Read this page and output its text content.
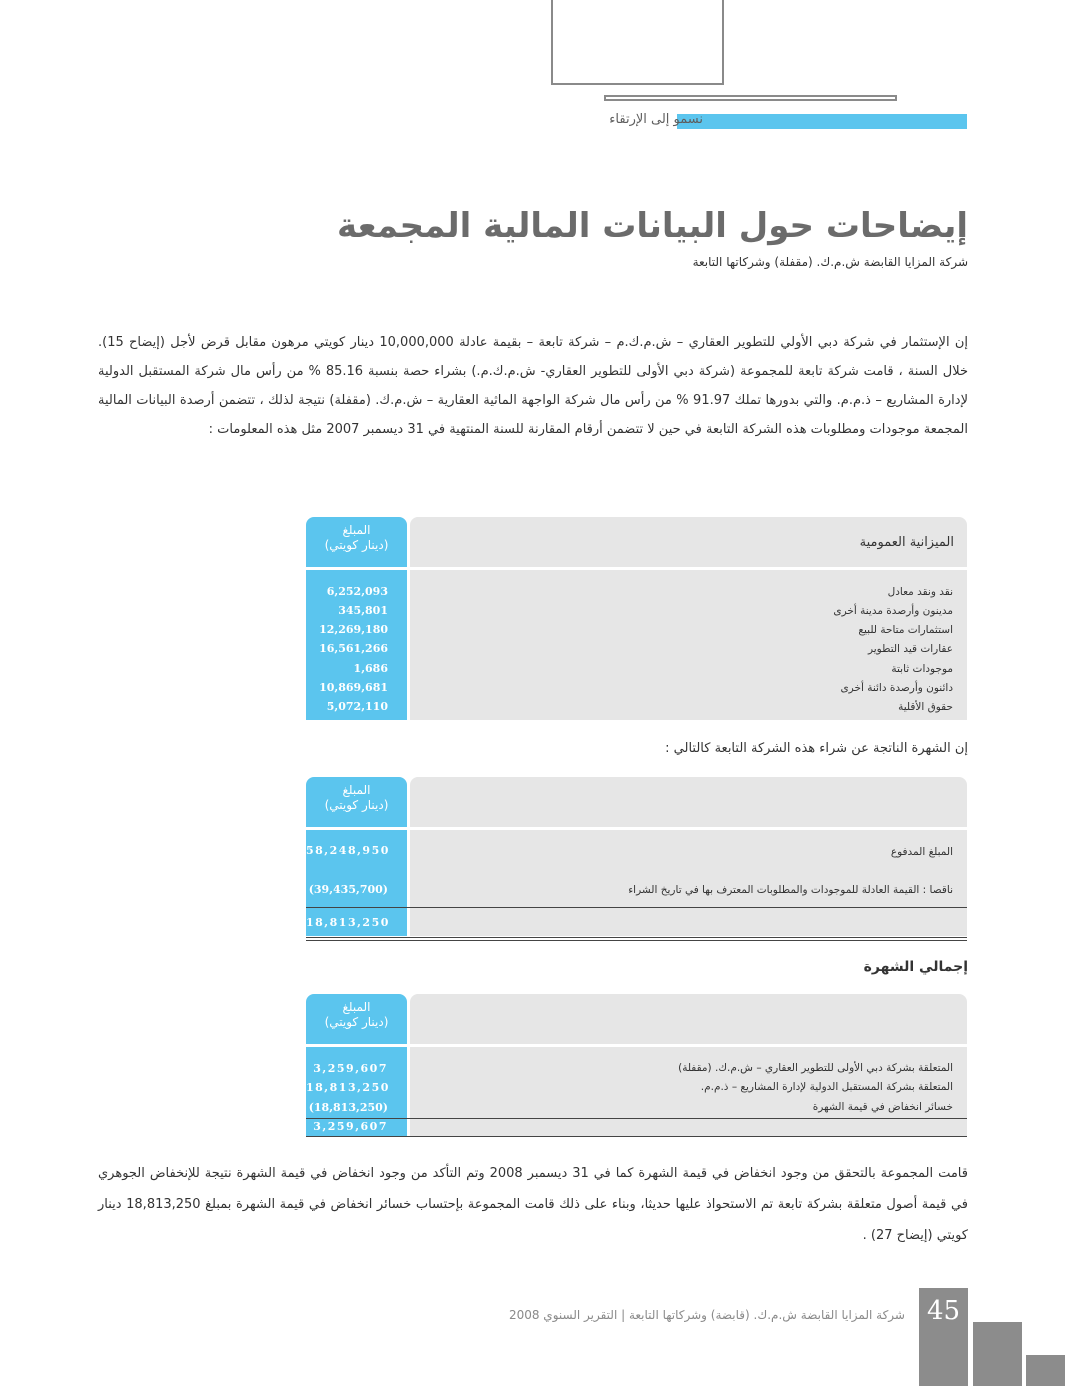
نسمو إلى الإرتقاء
إيضاحات حول البيانات المالية المجمعة
شركة المزايا القابضة ش.م.ك. (مقفلة) وشركاتها التابعة
إن الإستثمار في شركة دبي الأولي للتطوير العقاري – ش.م.ك.م – شركة تابعة – بقيمة عادلة 10,000,000 دينار كويتي مرهون مقابل قرض لأجل (إيضاح 15). خلال السنة ، قامت شركة تابعة للمجموعة (شركة دبي الأولى للتطوير العقاري- ش.م.ك.م.) بشراء حصة بنسبة 85.16 % من رأس مال شركة المستقبل الدولية لإدارة المشاريع – ذ.م.م. والتي بدورها تملك 91.97 % من رأس مال شركة الواجهة الماثية العقارية – ش.م.ك. (مقفلة) نتيجة لذلك ، تتضمن أرصدة البيانات المالية المجمعة موجودات ومطلوبات هذه الشركة التابعة في حين لا تتضمن أرقام المقارنة للسنة المنتهية في 31 ديسمبر 2007 مثل هذه المعلومات :
المبلغ
(دينار كويتي)	الميزانية العمومية
6,252,093
345,801
12,269,180
16,561,266
1,686
10,869,681
5,072,110
نقد ونقد معادل
مدينون وأرصدة مدينة أخرى
استثمارات متاحة للبيع
عقارات قيد التطوير
موجودات ثابتة
دائنون وأرصدة دائنة أخرى
حقوق الأقلية
إن الشهرة الناتجة عن شراء هذه الشركة التابعة كالتالي :
المبلغ
(دينار كويتي)
58,248,950
(39,435,700)
18,813,250
المبلغ المدفوع
ناقصا : القيمة العادلة للموجودات والمطلوبات المعترف بها في تاريخ الشراء
إجمالي الشهرة
المبلغ
(دينار كويتي)
3,259,607
18,813,250
(18,813,250)
3,259,607
المتعلقة بشركة دبي الأولى للتطوير العقاري – ش.م.ك. (مقفلة)
المتعلقة بشركة المستقبل الدولية لإدارة المشاريع – ذ.م.م.
خسائر انخفاض في قيمة الشهرة
قامت المجموعة بالتحقق من وجود انخفاض في قيمة الشهرة كما في 31 ديسمبر 2008 وتم التأكد من وجود انخفاض في قيمة الشهرة نتيجة للإنخفاض الجوهري في قيمة أصول متعلقة بشركة تابعة تم الاستحواذ عليها حديثا، وبناء على ذلك قامت المجموعة بإحتساب خسائر انخفاض في قيمة الشهرة بمبلغ 18,813,250 دينار كويتي (إيضاح 27) .
شركة المزايا القابضة ش.م.ك. (قابضة) وشركاتها التابعة | التقرير السنوي 2008 45
